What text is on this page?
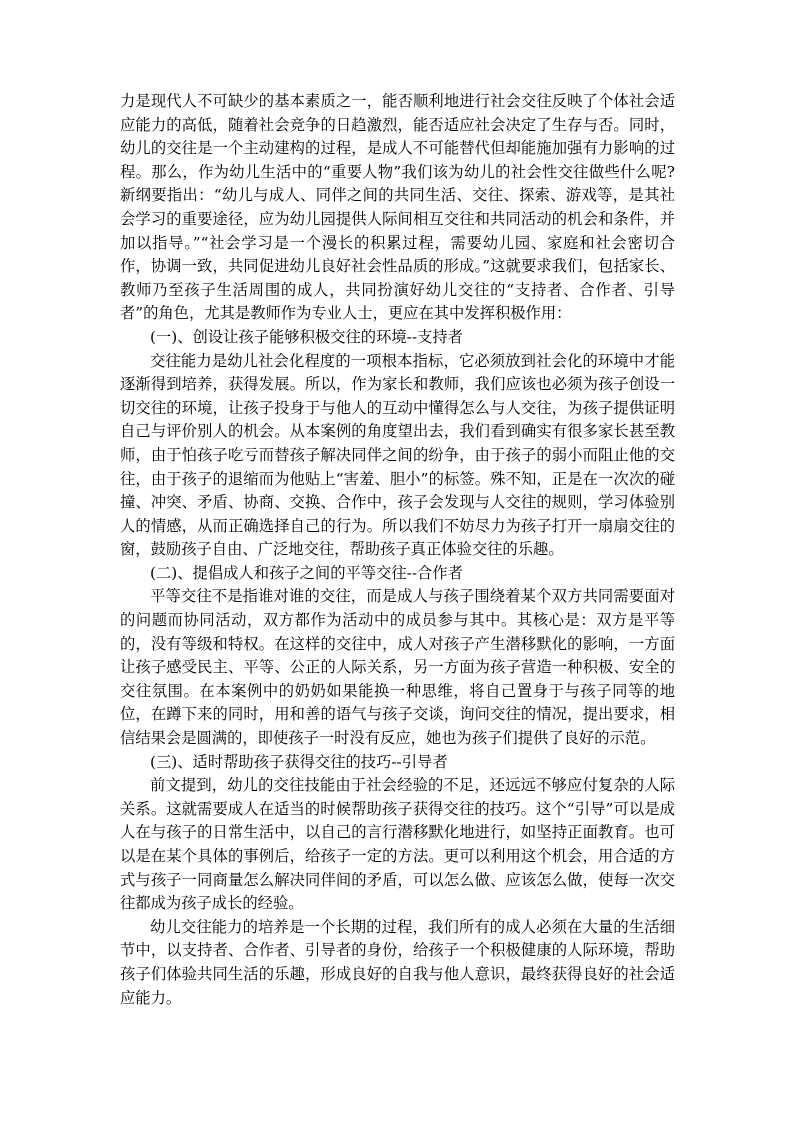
力是现代人不可缺少的基本素质之一，能否顺利地进行社会交往反映了个体社会适应能力的高低，随着社会竞争的日趋激烈，能否适应社会决定了生存与否。同时，幼儿的交往是一个主动建构的过程，是成人不可能替代但却能施加强有力影响的过程。那么，作为幼儿生活中的“重要人物”我们该为幼儿的社会性交往做些什么呢?新纲要指出：“幼儿与成人、同伴之间的共同生活、交往、探索、游戏等，是其社会学习的重要途径，应为幼儿园提供人际间相互交往和共同活动的机会和条件，并加以指导。”“社会学习是一个漫长的积累过程，需要幼儿园、家庭和社会密切合作，协调一致，共同促进幼儿良好社会性品质的形成。”这就要求我们，包括家长、教师乃至孩子生活周围的成人，共同扮演好幼儿交往的“支持者、合作者、引导者”的角色，尤其是教师作为专业人士，更应在其中发挥积极作用：

(一)、创设让孩子能够积极交往的环境--支持者

交往能力是幼儿社会化程度的一项根本指标，它必须放到社会化的环境中才能逐渐得到培养，获得发展。所以，作为家长和教师，我们应该也必须为孩子创设一切交往的环境，让孩子投身于与他人的互动中懂得怎么与人交往，为孩子提供证明自己与评价别人的机会。从本案例的角度望出去，我们看到确实有很多家长甚至教师，由于怕孩子吃亏而替孩子解决同伴之间的纷争，由于孩子的弱小而阻止他的交往，由于孩子的退缩而为他贴上“害羞、胆小”的标签。殊不知，正是在一次次的碰撞、冲突、矛盾、协商、交换、合作中，孩子会发现与人交往的规则，学习体验别人的情感，从而正确选择自己的行为。所以我们不妨尽力为孩子打开一扇扇交往的窗，鼓励孩子自由、广泛地交往，帮助孩子真正体验交往的乐趣。

(二)、提倡成人和孩子之间的平等交往--合作者

平等交往不是指谁对谁的交往，而是成人与孩子围绕着某个双方共同需要面对的问题而协同活动，双方都作为活动中的成员参与其中。其核心是：双方是平等的，没有等级和特权。在这样的交往中，成人对孩子产生潜移默化的影响，一方面让孩子感受民主、平等、公正的人际关系，另一方面为孩子营造一种积极、安全的交往氛围。在本案例中的奶奶如果能换一种思维，将自己置身于与孩子同等的地位，在蹲下来的同时，用和善的语气与孩子交谈，询问交往的情况，提出要求，相信结果会是圆满的，即使孩子一时没有反应，她也为孩子们提供了良好的示范。

(三)、适时帮助孩子获得交往的技巧--引导者

前文提到，幼儿的交往技能由于社会经验的不足，还远远不够应付复杂的人际关系。这就需要成人在适当的时候帮助孩子获得交往的技巧。这个“引导”可以是成人在与孩子的日常生活中，以自己的言行潜移默化地进行，如坚持正面教育。也可以是在某个具体的事例后，给孩子一定的方法。更可以利用这个机会，用合适的方式与孩子一同商量怎么解决同伴间的矛盾，可以怎么做、应该怎么做，使每一次交往都成为孩子成长的经验。

幼儿交往能力的培养是一个长期的过程，我们所有的成人必须在大量的生活细节中，以支持者、合作者、引导者的身份，给孩子一个积极健康的人际环境，帮助孩子们体验共同生活的乐趣，形成良好的自我与他人意识，最终获得良好的社会适应能力。
